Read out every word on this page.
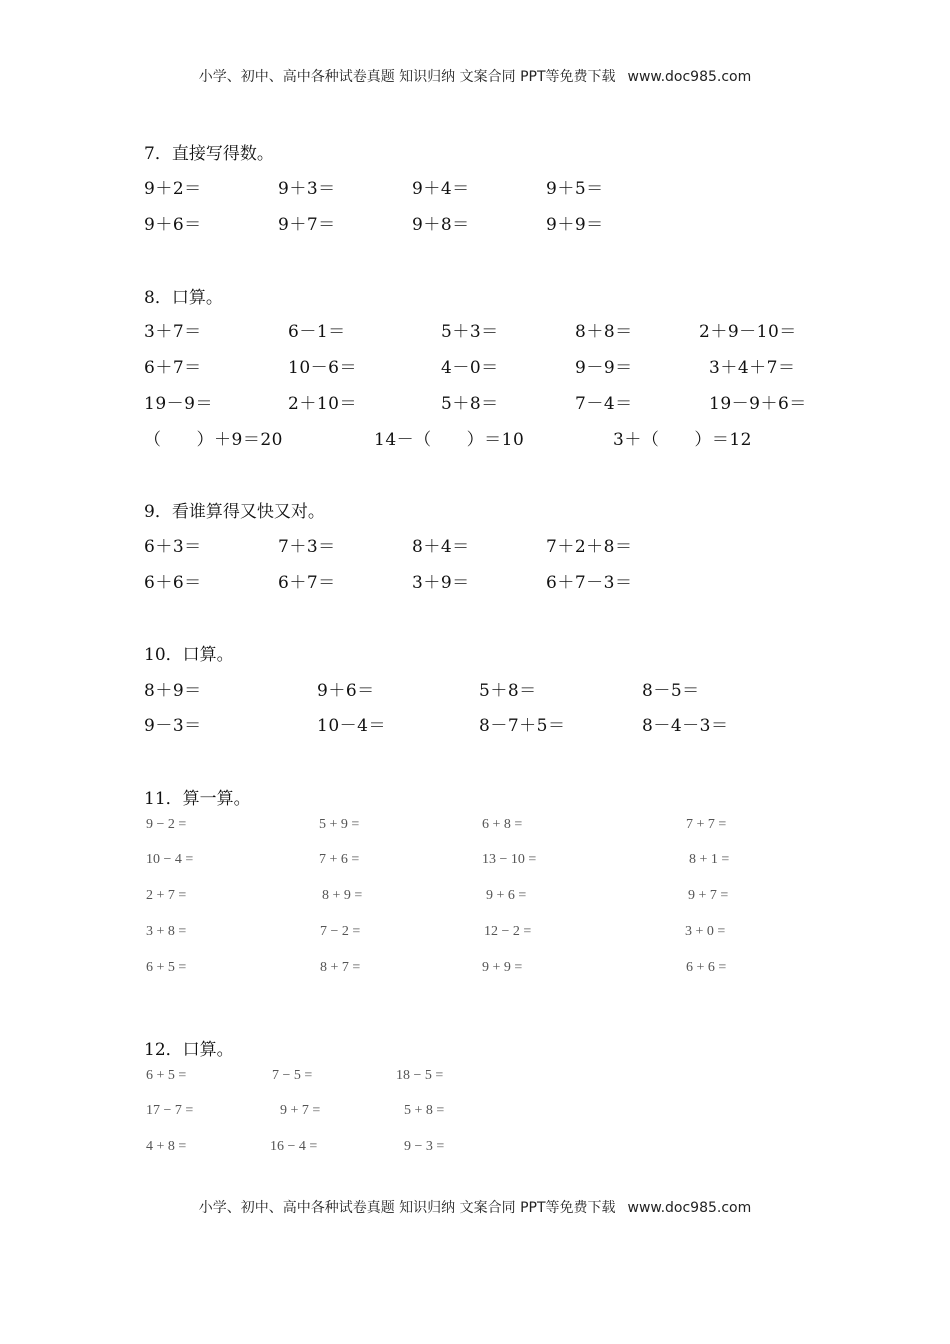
小学、初中、高中各种试卷真题 知识归纳 文案合同 PPT等免费下载 www.doc985.com
7．直接写得数。
9＋2＝	9＋3＝	9＋4＝	9＋5＝
9＋6＝	9＋7＝	9＋8＝	9＋9＝
8．口算。
3＋7＝	6－1＝	5＋3＝	8＋8＝	2＋9－10＝
6＋7＝	10－6＝	4－0＝	9－9＝	3＋4＋7＝
19－9＝	2＋10＝	5＋8＝	7－4＝	19－9＋6＝
（　　）＋9＝20	14－（　　）＝10	3＋（　　）＝12
9．看谁算得又快又对。
6＋3＝	7＋3＝	8＋4＝	7＋2＋8＝
6＋6＝	6＋7＝	3＋9＝	6＋7－3＝
10．口算。
8＋9＝	9＋6＝	5＋8＝	8－5＝
9－3＝	10－4＝	8－7＋5＝	8－4－3＝
11．算一算。
9 − 2 =	5 + 9 =	6 + 8 =	7 + 7 =
10 − 4 =	7 + 6 =	13 − 10 =	8 + 1 =
2 + 7 =	8 + 9 =	9 + 6 =	9 + 7 =
3 + 8 =	7 − 2 =	12 − 2 =	3 + 0 =
6 + 5 =	8 + 7 =	9 + 9 =	6 + 6 =
12．口算。
6 + 5 =	7 − 5 =	18 − 5 =
17 − 7 =	9 + 7 =	5 + 8 =
4 + 8 =	16 − 4 =	9 − 3 =
小学、初中、高中各种试卷真题 知识归纳 文案合同 PPT等免费下载 www.doc985.com
